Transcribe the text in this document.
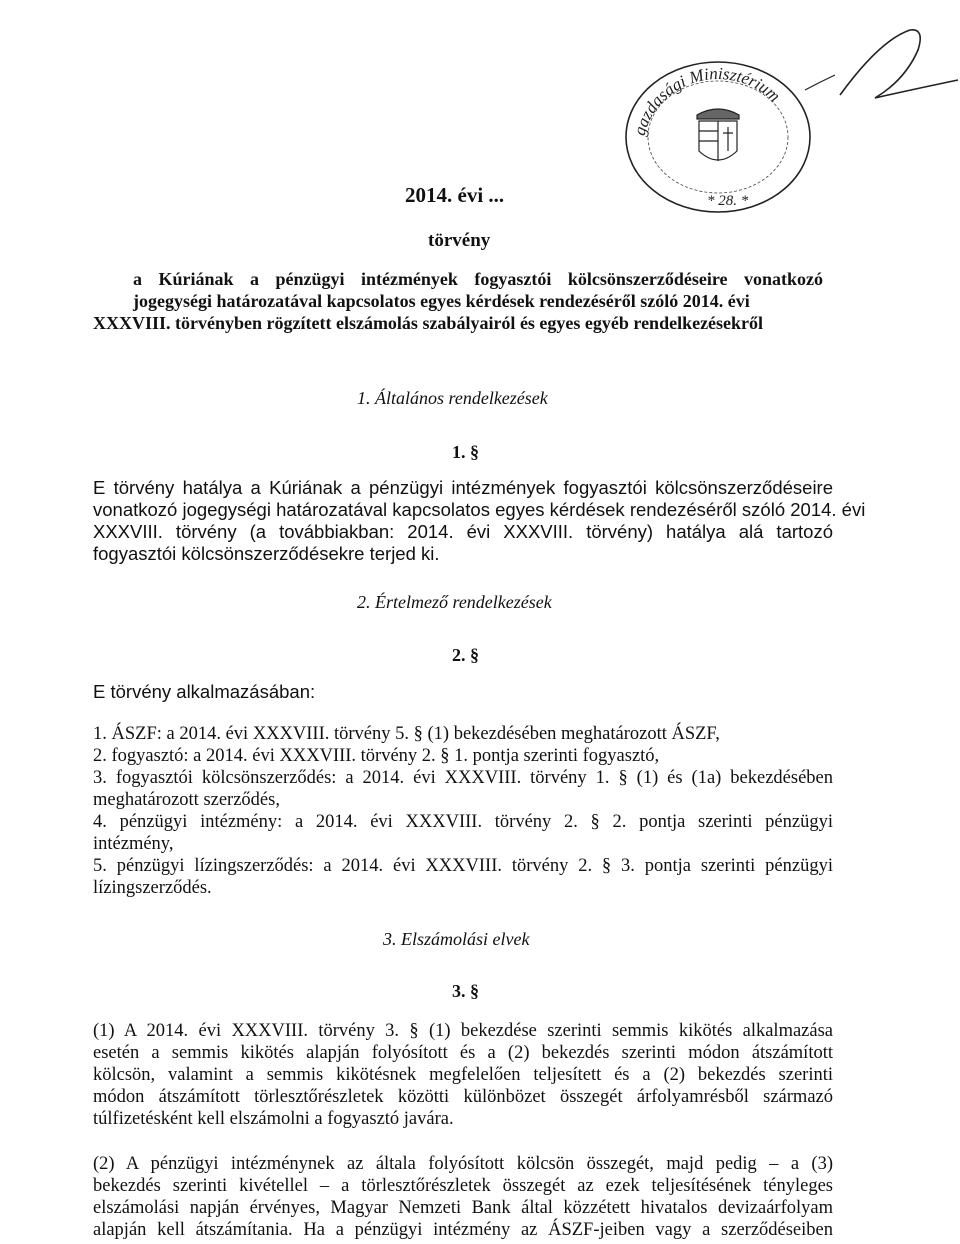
gazdasági Minisztérium
* 28. *
2014. évi ...
törvény
a Kúriának a pénzügyi intézmények fogyasztói kölcsönszerződéseire vonatkozó
jogegységi határozatával kapcsolatos egyes kérdések rendezéséről szóló 2014. évi
XXXVIII. törvényben rögzített elszámolás szabályairól és egyes egyéb rendelkezésekről
1. Általános rendelkezések
1. §
E törvény hatálya a Kúriának a pénzügyi intézmények fogyasztói kölcsönszerződéseire
vonatkozó jogegységi határozatával kapcsolatos egyes kérdések rendezéséről szóló 2014. évi
XXXVIII. törvény (a továbbiakban: 2014. évi XXXVIII. törvény) hatálya alá tartozó
fogyasztói kölcsönszerződésekre terjed ki.
2. Értelmező rendelkezések
2. §
E törvény alkalmazásában:
1. ÁSZF: a 2014. évi XXXVIII. törvény 5. § (1) bekezdésében meghatározott ÁSZF,
2. fogyasztó: a 2014. évi XXXVIII. törvény 2. § 1. pontja szerinti fogyasztó,
3. fogyasztói kölcsönszerződés: a 2014. évi XXXVIII. törvény 1. § (1) és (1a) bekezdésében
meghatározott szerződés,
4. pénzügyi intézmény: a 2014. évi XXXVIII. törvény 2. § 2. pontja szerinti pénzügyi
intézmény,
5. pénzügyi lízingszerződés: a 2014. évi XXXVIII. törvény 2. § 3. pontja szerinti pénzügyi
lízingszerződés.
3. Elszámolási elvek
3. §
(1) A 2014. évi XXXVIII. törvény 3. § (1) bekezdése szerinti semmis kikötés alkalmazása
esetén a semmis kikötés alapján folyósított és a (2) bekezdés szerinti módon átszámított
kölcsön, valamint a semmis kikötésnek megfelelően teljesített és a (2) bekezdés szerinti
módon átszámított törlesztőrészletek közötti különbözet összegét árfolyamrésből származó
túlfizetésként kell elszámolni a fogyasztó javára.
(2) A pénzügyi intézménynek az általa folyósított kölcsön összegét, majd pedig – a (3)
bekezdés szerinti kivétellel – a törlesztőrészletek összegét az ezek teljesítésének tényleges
elszámolási napján érvényes, Magyar Nemzeti Bank által közzétett hivatalos devizaárfolyam
alapján kell átszámítania. Ha a pénzügyi intézmény az ÁSZF-jeiben vagy a szerződéseiben
